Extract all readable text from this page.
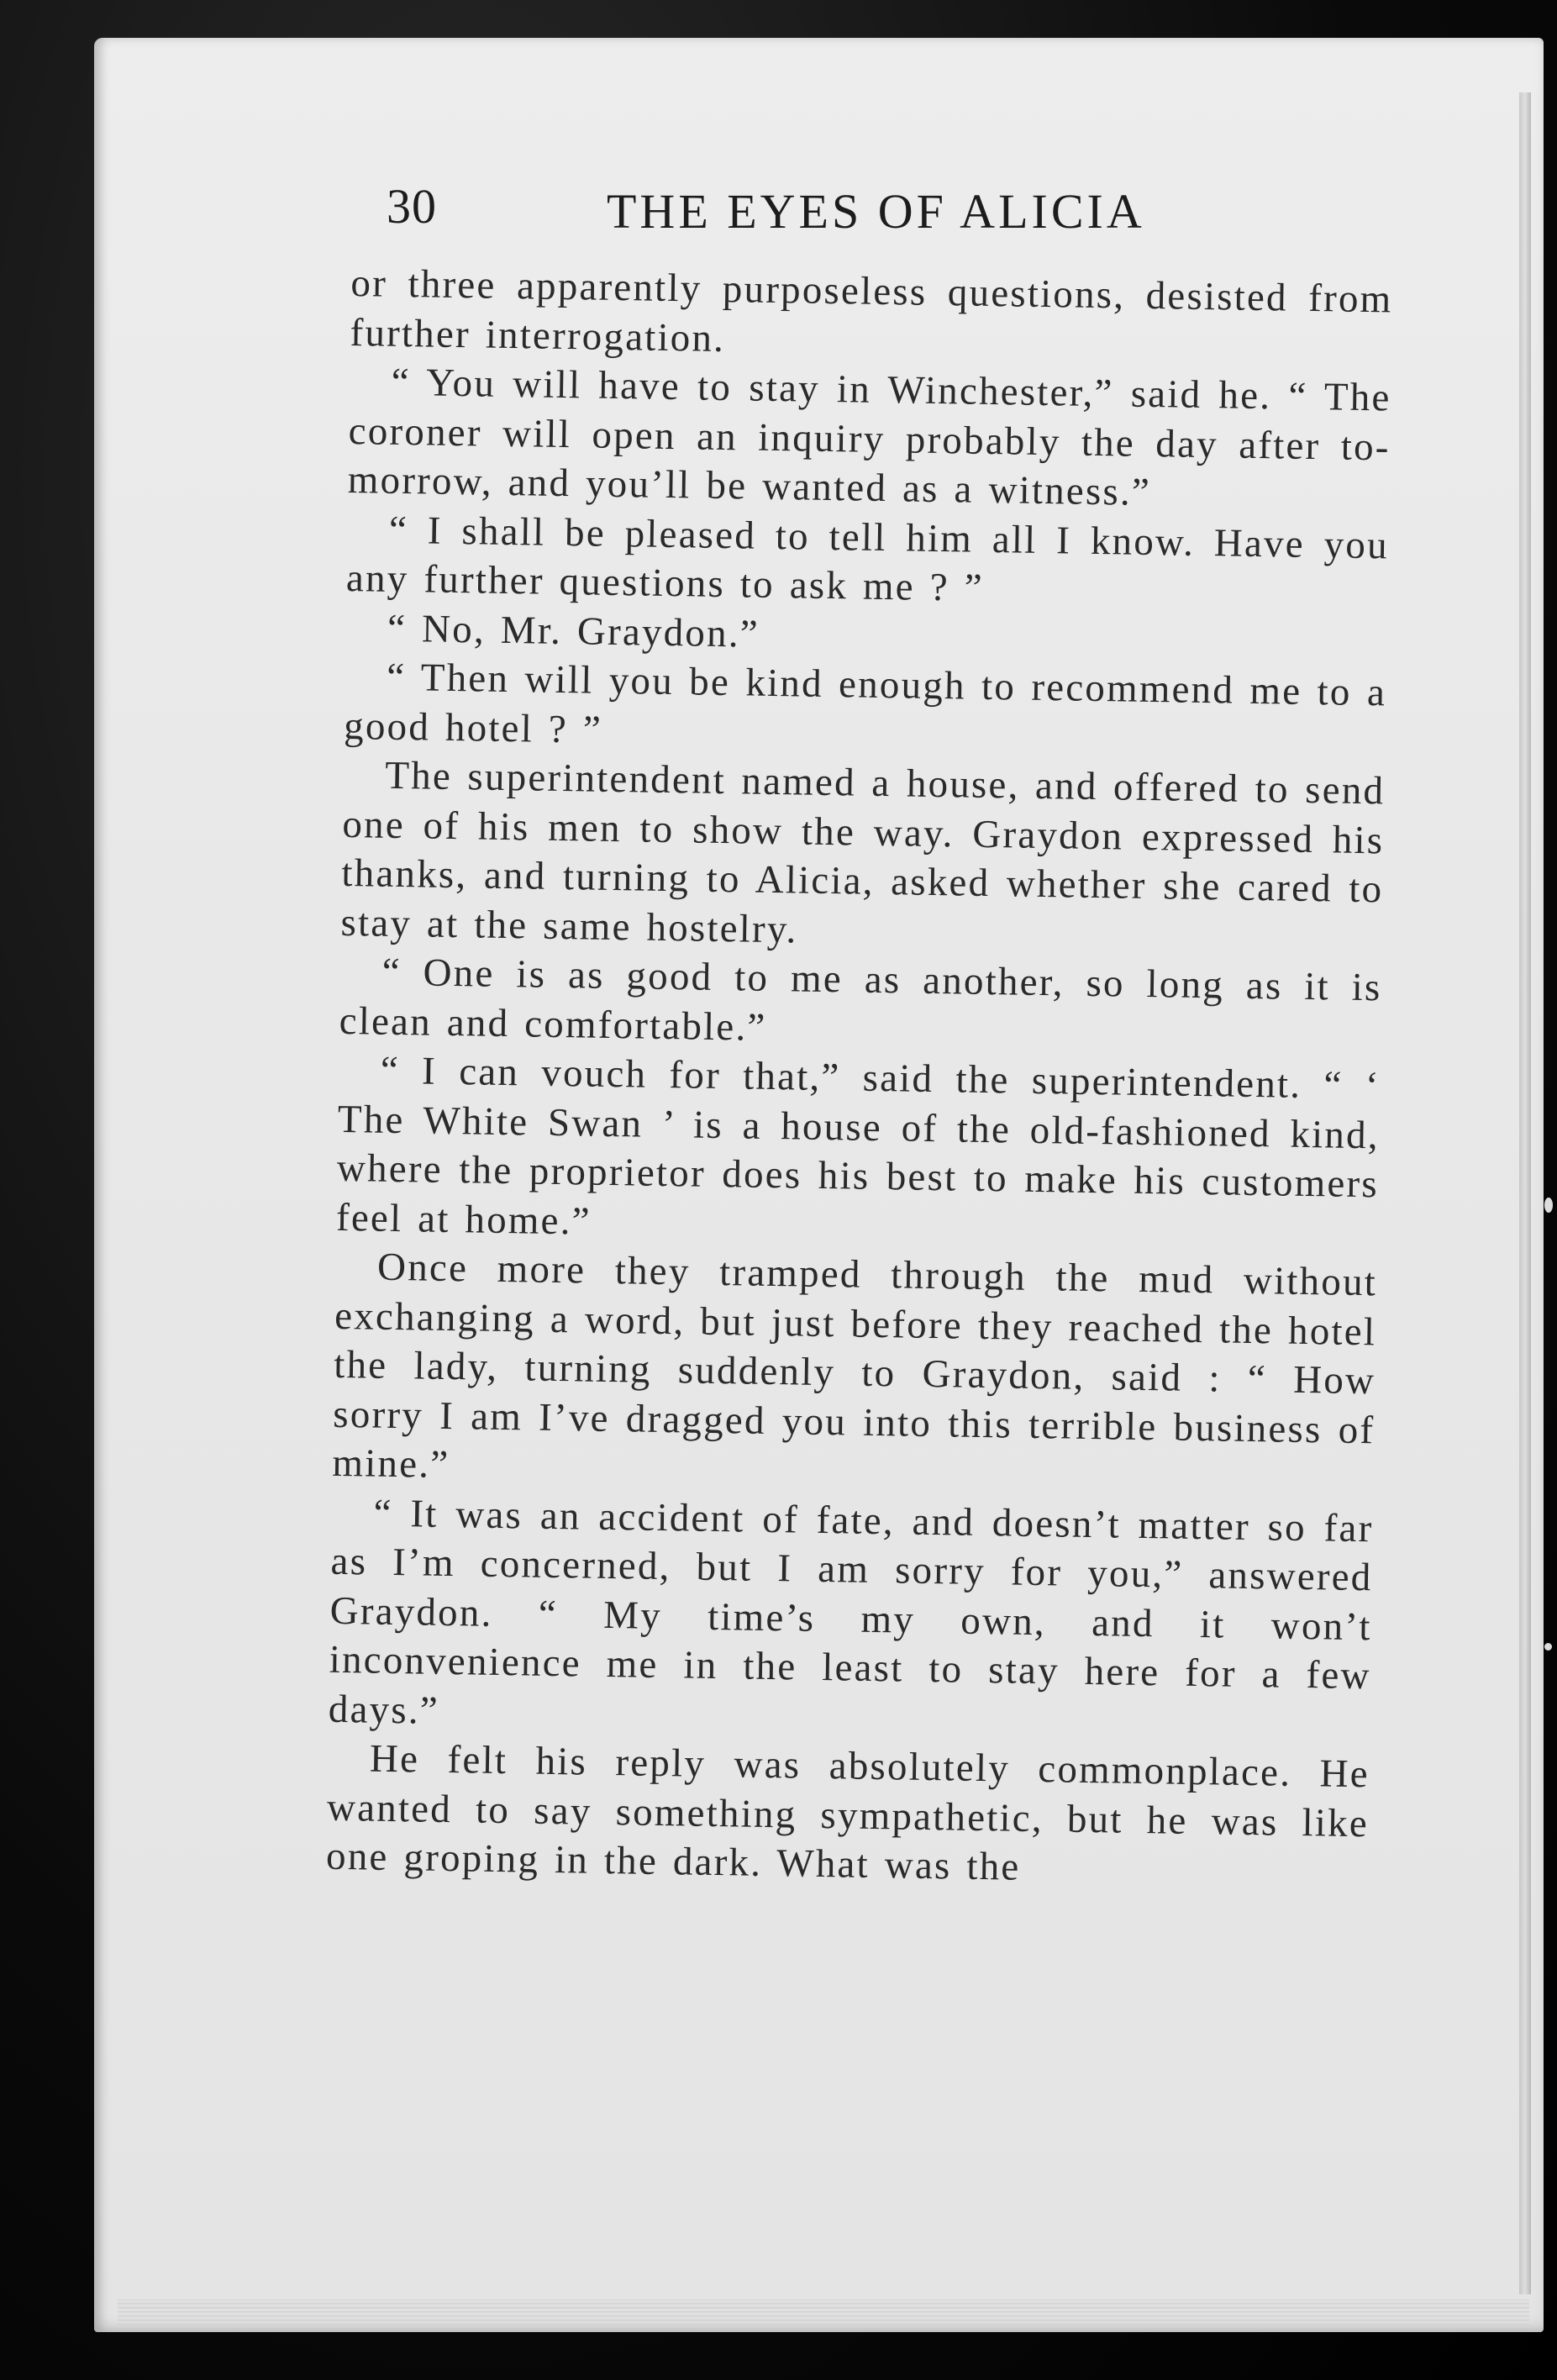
30	THE EYES OF ALICIA

or three apparently purposeless questions, desisted from further interrogation.

“ You will have to stay in Winchester,” said he. “ The coroner will open an inquiry probably the day after to-morrow, and you’ll be wanted as a witness.”

“ I shall be pleased to tell him all I know. Have you any further questions to ask me ? ”

“ No, Mr. Graydon.”

“ Then will you be kind enough to recommend me to a good hotel ? ”

The superintendent named a house, and offered to send one of his men to show the way. Graydon expressed his thanks, and turning to Alicia, asked whether she cared to stay at the same hostelry.

“ One is as good to me as another, so long as it is clean and comfortable.”

“ I can vouch for that,” said the superintendent. “ ‘ The White Swan ’ is a house of the old-fashioned kind, where the proprietor does his best to make his customers feel at home.”

Once more they tramped through the mud without exchanging a word, but just before they reached the hotel the lady, turning suddenly to Graydon, said : “ How sorry I am I’ve dragged you into this terrible business of mine.”

“ It was an accident of fate, and doesn’t matter so far as I’m concerned, but I am sorry for you,” answered Graydon. “ My time’s my own, and it won’t inconvenience me in the least to stay here for a few days.”

He felt his reply was absolutely commonplace. He wanted to say something sympathetic, but he was like one groping in the dark. What was the
